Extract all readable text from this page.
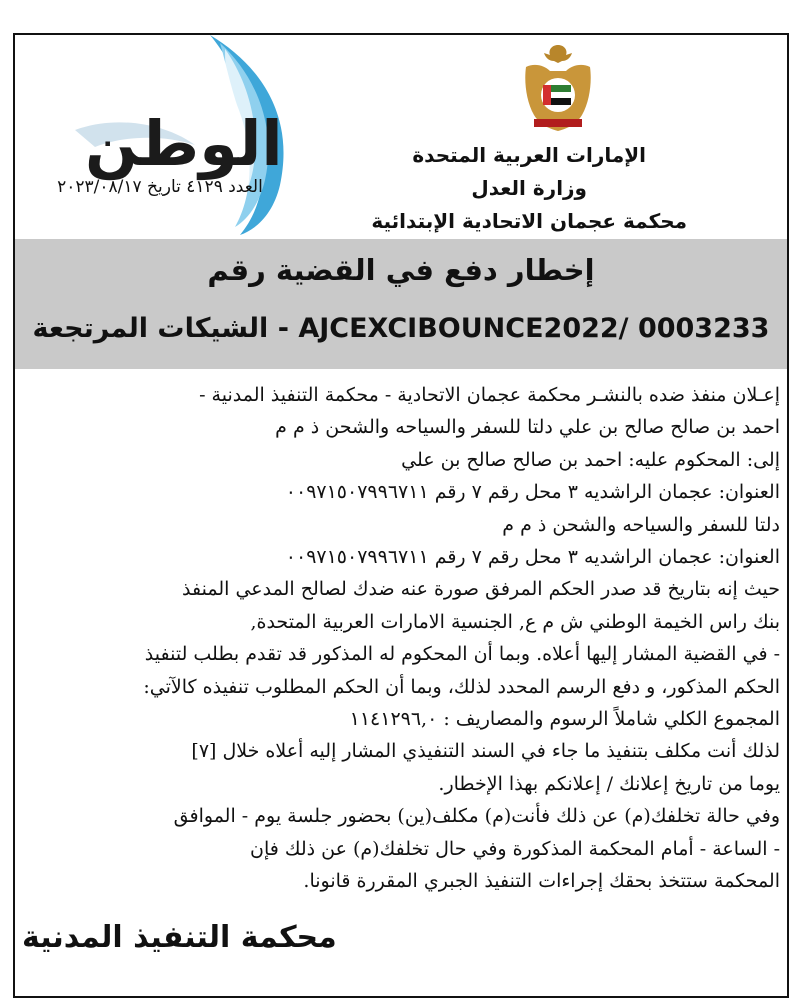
الوطن
العدد ٤١٢٩ تاريخ ٢٠٢٣/٠٨/١٧
الإمارات العربية المتحدة
وزارة العدل
محكمة عجمان الاتحادية الإبتدائية
إخطار دفع في القضية رقم
AJCEXCIBOUNCE2022/ 0003233 - الشيكات المرتجعة
إعـلان منفذ ضده بالنشـر محكمة عجمان الاتحادية - محكمة التنفيذ المدنية -
احمد بن صالح صالح بن علي دلتا للسفر والسياحه والشحن ذ م م
إلى: المحكوم عليه: احمد بن صالح صالح بن علي
العنوان: عجمان الراشديه ٣ محل رقم ٧ رقم ٠٠٩٧١٥٠٧٩٩٦٧١١
دلتا للسفر والسياحه والشحن ذ م م
العنوان: عجمان الراشديه ٣ محل رقم ٧ رقم ٠٠٩٧١٥٠٧٩٩٦٧١١
حيث إنه بتاريخ قد صدر الحكم المرفق صورة عنه ضدك لصالح المدعي المنفذ
بنك راس الخيمة الوطني ش م ع, الجنسية الامارات العربية المتحدة,
- في القضية المشار إليها أعلاه. وبما أن المحكوم له المذكور قد تقدم بطلب لتنفيذ
الحكم المذكور، و دفع الرسم المحدد لذلك، وبما أن الحكم المطلوب تنفيذه كالآتي:
المجموع الكلي شاملاً الرسوم والمصاريف : ١١٤١٢٩٦,٠
لذلك أنت مكلف بتنفيذ ما جاء في السند التنفيذي المشار إليه أعلاه خلال [٧]
يوما من تاريخ إعلانك / إعلانكم بهذا الإخطار.
وفي حالة تخلفك(م) عن ذلك فأنت(م) مكلف(ين) بحضور جلسة يوم - الموافق
- الساعة - أمام المحكمة المذكورة وفي حال تخلفك(م) عن ذلك فإن
المحكمة ستتخذ بحقك إجراءات التنفيذ الجبري المقررة قانونا.
محكمة التنفيذ المدنية
